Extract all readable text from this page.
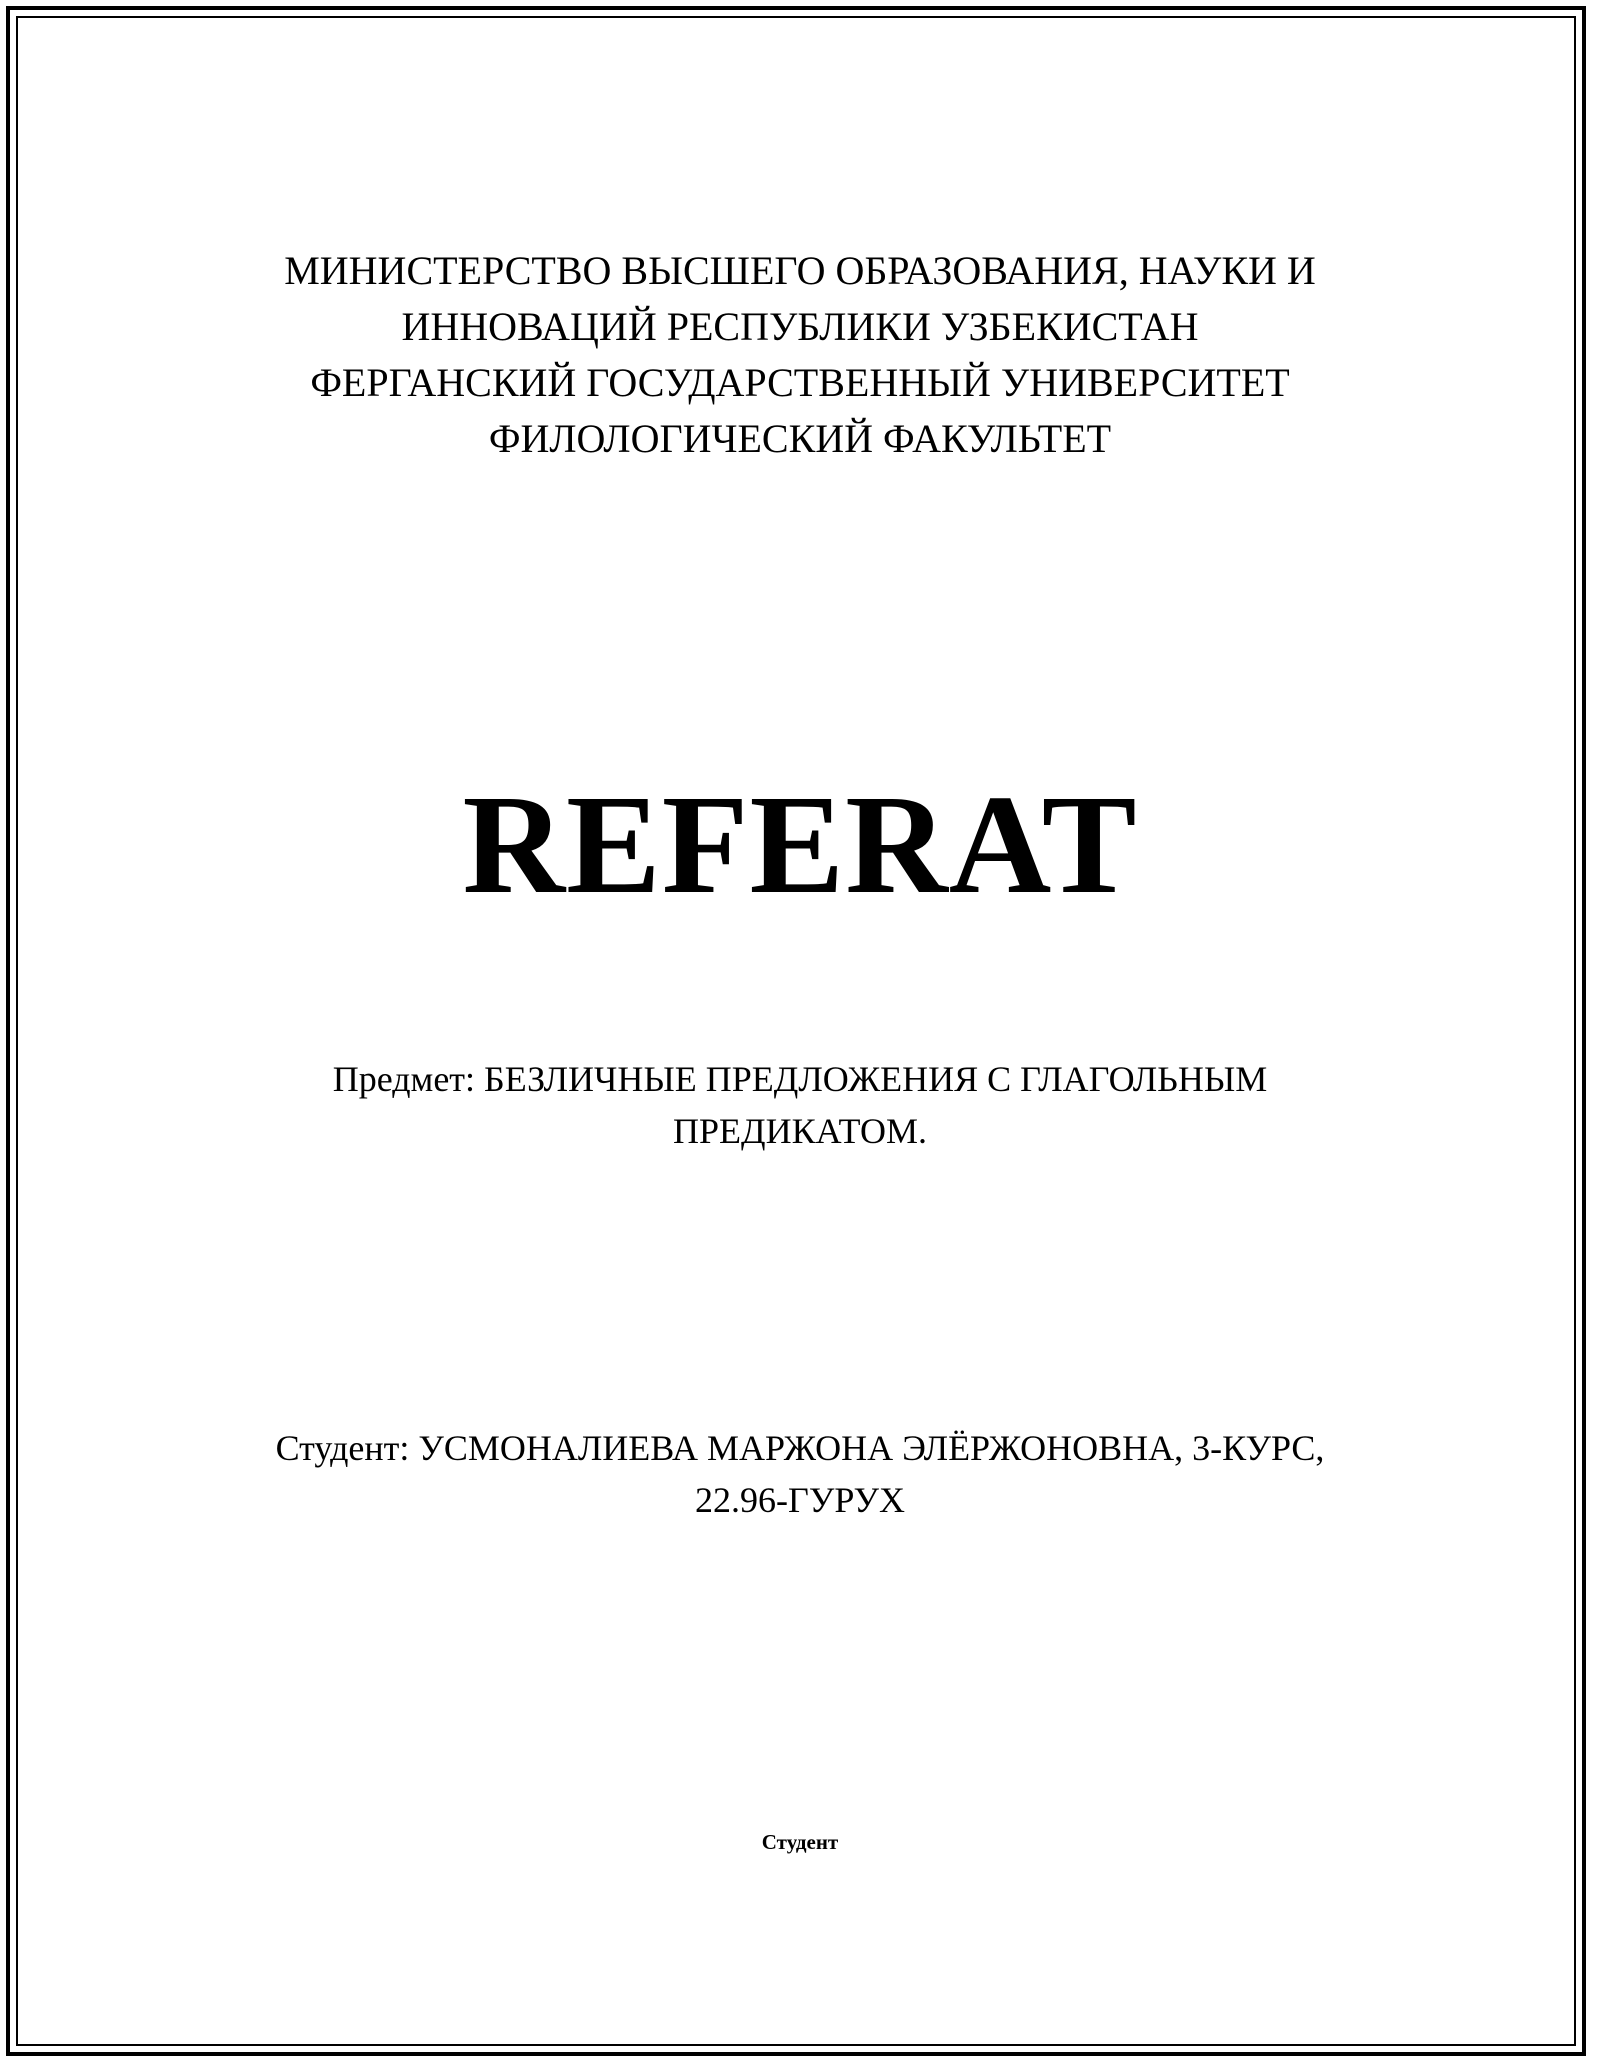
МИНИСТЕРСТВО ВЫСШЕГО ОБРАЗОВАНИЯ, НАУКИ И
ИННОВАЦИЙ РЕСПУБЛИКИ УЗБЕКИСТАН
ФЕРГАНСКИЙ ГОСУДАРСТВЕННЫЙ УНИВЕРСИТЕТ
ФИЛОЛОГИЧЕСКИЙ ФАКУЛЬТЕТ
REFERAT
Предмет: БЕЗЛИЧНЫЕ ПРЕДЛОЖЕНИЯ С ГЛАГОЛЬНЫМ
ПРЕДИКАТОМ.
Студент: УСМОНАЛИЕВА МАРЖОНА ЭЛЁРЖОНОВНА, 3-КУРС,
22.96-ГУРУХ
Студент
